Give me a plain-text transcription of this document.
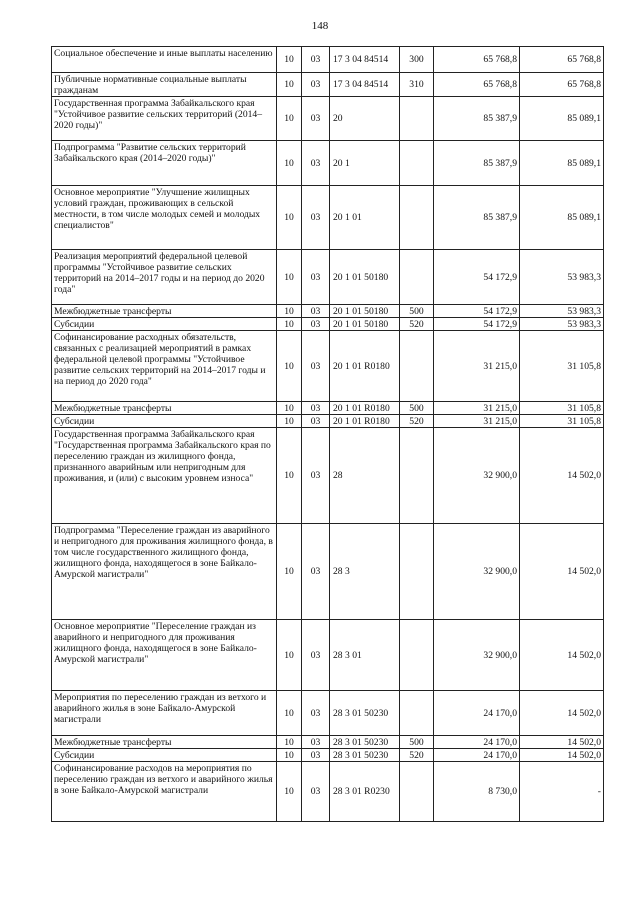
148
Социальное обеспечение и иные выплаты населению	10	03	17 3 04 84514	300	65 768,8	65 768,8
Публичные нормативные социальные выплаты гражданам	10	03	17 3 04 84514	310	65 768,8	65 768,8
Государственная программа Забайкальского края "Устойчивое развитие сельских территорий (2014–2020 годы)"	10	03	20		85 387,9	85 089,1
Подпрограмма "Развитие сельских территорий Забайкальского края (2014–2020 годы)"	10	03	20 1		85 387,9	85 089,1
Основное мероприятие "Улучшение жилищных условий граждан, проживающих в сельской местности, в том числе молодых семей и молодых специалистов"	10	03	20 1 01		85 387,9	85 089,1
Реализация мероприятий федеральной целевой программы "Устойчивое развитие сельских территорий на 2014–2017 годы и на период до 2020 года"	10	03	20 1 01 50180		54 172,9	53 983,3
Межбюджетные трансферты	10	03	20 1 01 50180	500	54 172,9	53 983,3
Субсидии	10	03	20 1 01 50180	520	54 172,9	53 983,3
Софинансирование расходных обязательств, связанных с реализацией мероприятий в рамках федеральной целевой программы "Устойчивое развитие сельских территорий на 2014–2017 годы и на период до 2020 года"	10	03	20 1 01 R0180		31 215,0	31 105,8
Межбюджетные трансферты	10	03	20 1 01 R0180	500	31 215,0	31 105,8
Субсидии	10	03	20 1 01 R0180	520	31 215,0	31 105,8
Государственная программа Забайкальского края "Государственная программа Забайкальского края по переселению граждан из жилищного фонда, признанного аварийным или непригодным для проживания, и (или) с высоким уровнем износа"	10	03	28		32 900,0	14 502,0
Подпрограмма "Переселение граждан из аварийного и непригодного для проживания жилищного фонда, в том числе государственного жилищного фонда, жилищного фонда, находящегося в зоне Байкало-Амурской магистрали"	10	03	28 3		32 900,0	14 502,0
Основное мероприятие "Переселение граждан из аварийного и непригодного для проживания жилищного фонда, находящегося в зоне Байкало-Амурской магистрали"	10	03	28 3 01		32 900,0	14 502,0
Мероприятия по переселению граждан из ветхого и аварийного жилья в зоне Байкало-Амурской магистрали	10	03	28 3 01 50230		24 170,0	14 502,0
Межбюджетные трансферты	10	03	28 3 01 50230	500	24 170,0	14 502,0
Субсидии	10	03	28 3 01 50230	520	24 170,0	14 502,0
Софинансирование расходов на мероприятия по переселению граждан из ветхого и аварийного жилья в зоне Байкало-Амурской магистрали	10	03	28 3 01 R0230		8 730,0	-
